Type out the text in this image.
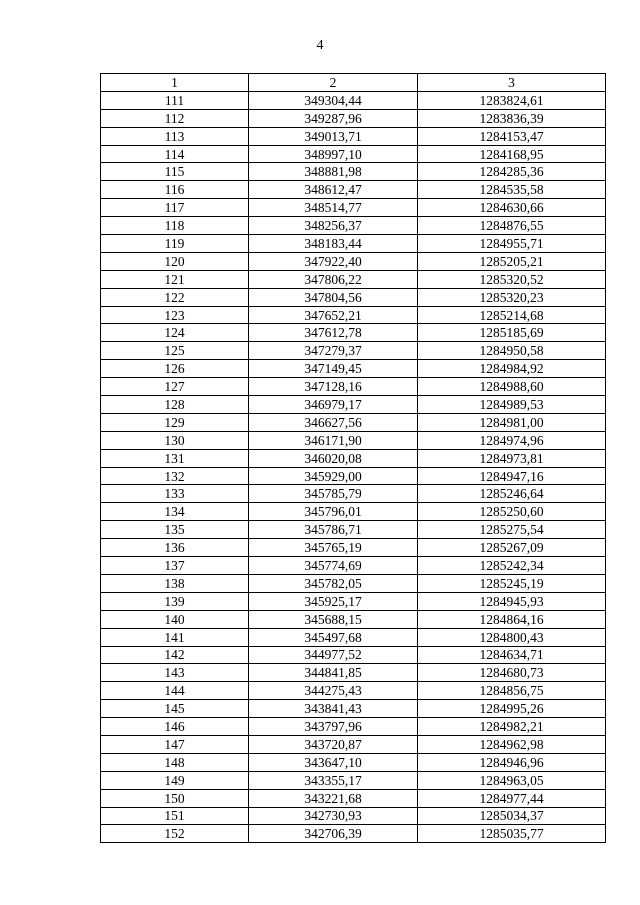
4
1	2	3
111	349304,44	1283824,61
112	349287,96	1283836,39
113	349013,71	1284153,47
114	348997,10	1284168,95
115	348881,98	1284285,36
116	348612,47	1284535,58
117	348514,77	1284630,66
118	348256,37	1284876,55
119	348183,44	1284955,71
120	347922,40	1285205,21
121	347806,22	1285320,52
122	347804,56	1285320,23
123	347652,21	1285214,68
124	347612,78	1285185,69
125	347279,37	1284950,58
126	347149,45	1284984,92
127	347128,16	1284988,60
128	346979,17	1284989,53
129	346627,56	1284981,00
130	346171,90	1284974,96
131	346020,08	1284973,81
132	345929,00	1284947,16
133	345785,79	1285246,64
134	345796,01	1285250,60
135	345786,71	1285275,54
136	345765,19	1285267,09
137	345774,69	1285242,34
138	345782,05	1285245,19
139	345925,17	1284945,93
140	345688,15	1284864,16
141	345497,68	1284800,43
142	344977,52	1284634,71
143	344841,85	1284680,73
144	344275,43	1284856,75
145	343841,43	1284995,26
146	343797,96	1284982,21
147	343720,87	1284962,98
148	343647,10	1284946,96
149	343355,17	1284963,05
150	343221,68	1284977,44
151	342730,93	1285034,37
152	342706,39	1285035,77
